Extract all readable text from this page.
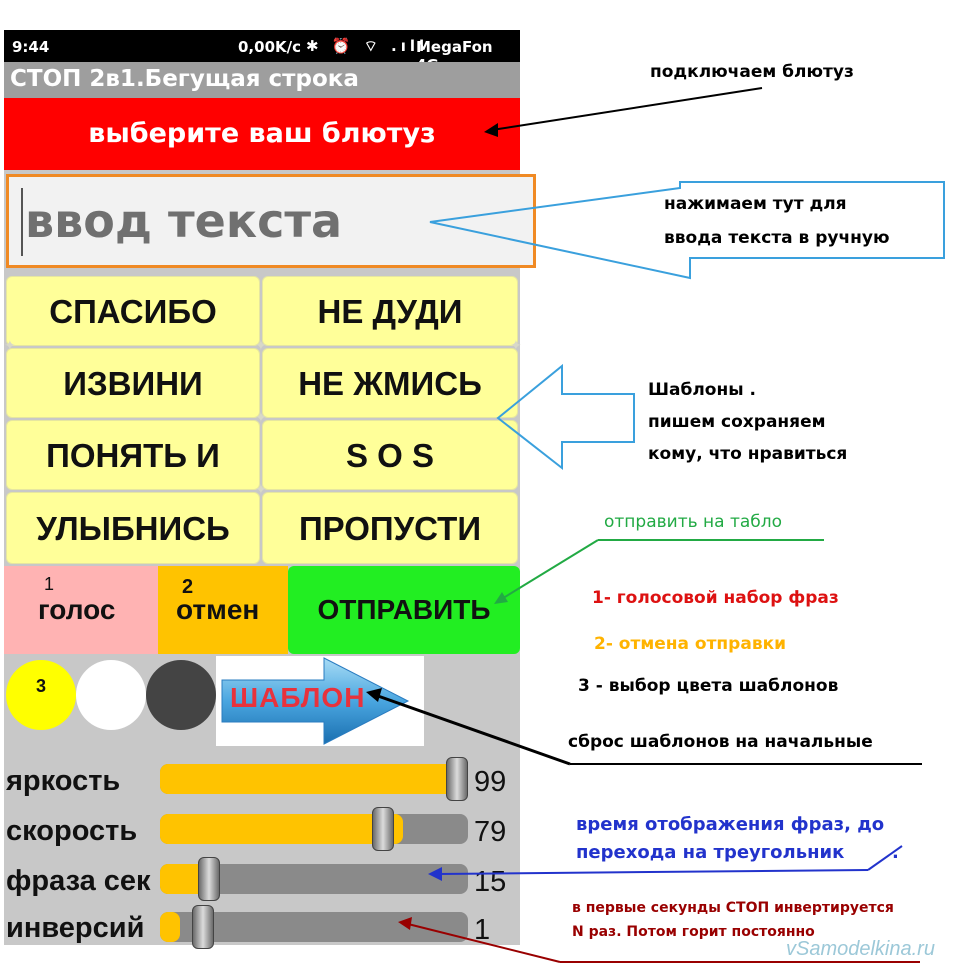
9:44	0,00K/c ✱ ⏰ ⌔ .ıll
MegaFon
СТОП 2в1.Бегущая строка
выберите ваш блютуз
ввод текста
СПАСИБО	НЕ ДУДИ
ИЗВИНИ	НЕ ЖМИСЬ
ПОНЯТЬ И	S O S
УЛЫБНИСЬ	ПРОПУСТИ
✦
✦
✦
✦	✦
1
голос
2
отмен	ОТПРАВИТЬ
3	ШАБЛОН
яркость	99
скорость	79
фраза сек	15
инверсий	1
подключаем блютуз
нажимаем тут для
ввода текста в ручную
Шаблоны .
пишем сохраняем
кому, что нравиться
отправить на табло
1- голосовой набор фраз
2- отмена отправки
3 - выбор цвета шаблонов
сброс шаблонов на начальные
время отображения фраз, до
перехода на треугольник	.
в первые секунды СТОП инвертируется
N раз. Потом горит постоянно
vSamodelkina.ru
